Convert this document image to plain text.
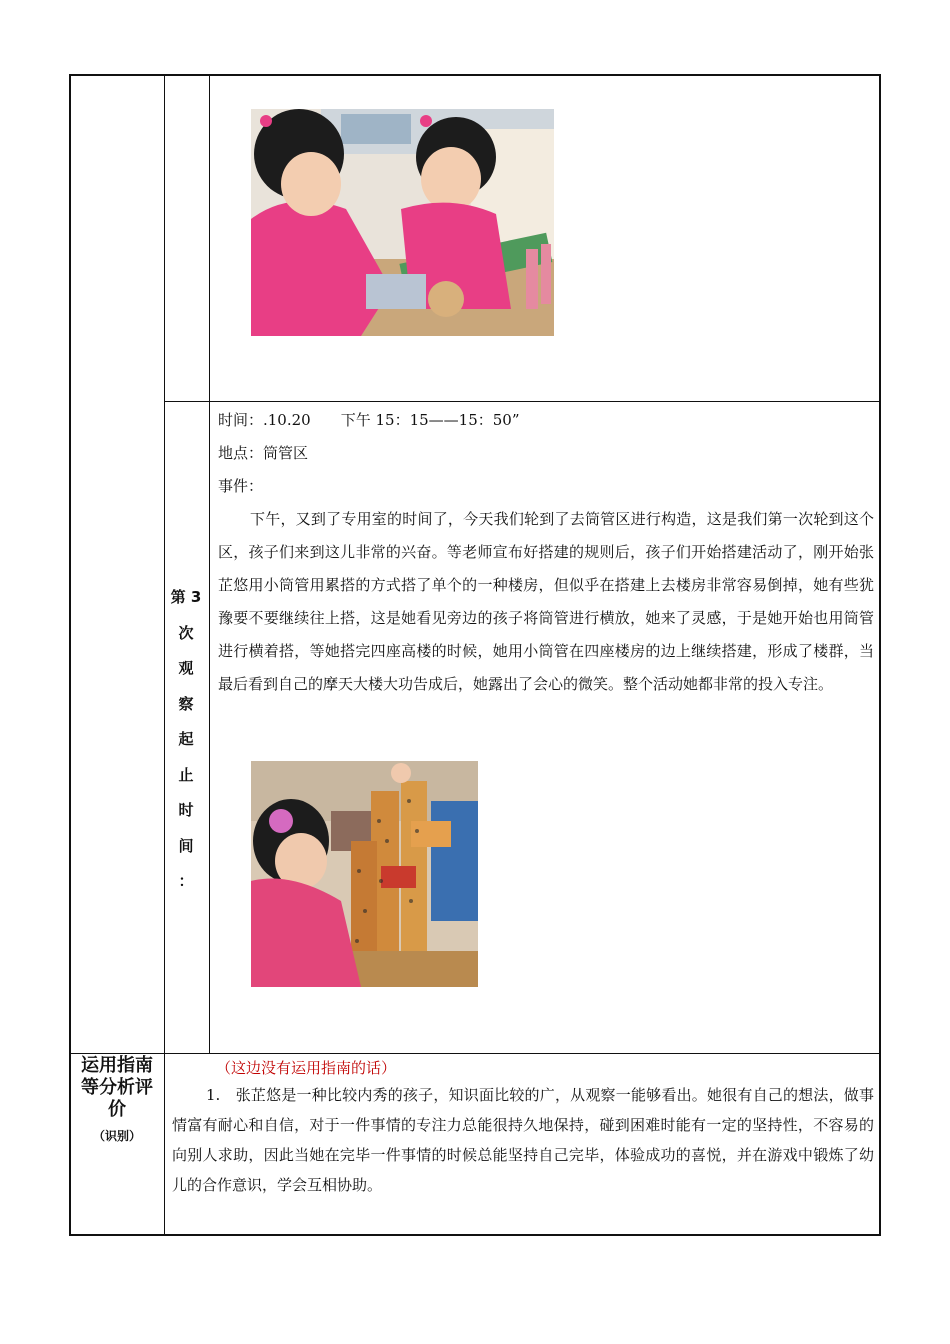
时间：.10.20　　下午 15：15——15：50”

地点：筒管区

事件：

下午，又到了专用室的时间了，今天我们轮到了去筒管区进行构造，这是我们第一次轮到这个区，孩子们来到这儿非常的兴奋。等老师宣布好搭建的规则后，孩子们开始搭建活动了，刚开始张芷悠用小筒管用累搭的方式搭了单个的一种楼房，但似乎在搭建上去楼房非常容易倒掉，她有些犹豫要不要继续往上搭，这是她看见旁边的孩子将筒管进行横放，她来了灵感，于是她开始也用筒管进行横着搭，等她搭完四座高楼的时候，她用小筒管在四座楼房的边上继续搭建，形成了楼群，当最后看到自己的摩天大楼大功告成后，她露出了会心的微笑。整个活动她都非常的投入专注。

第 3
次
观
察
起
止
时
间
：
运用指南
等分析评
价
（识别）
（这边没有运用指南的话）

1.　张芷悠是一种比较内秀的孩子，知识面比较的广，从观察一能够看出。她很有自己的想法，做事情富有耐心和自信，对于一件事情的专注力总能很持久地保持，碰到困难时能有一定的坚持性，不容易的向别人求助，因此当她在完毕一件事情的时候总能坚持自己完毕，体验成功的喜悦，并在游戏中锻炼了幼儿的合作意识，学会互相协助。
